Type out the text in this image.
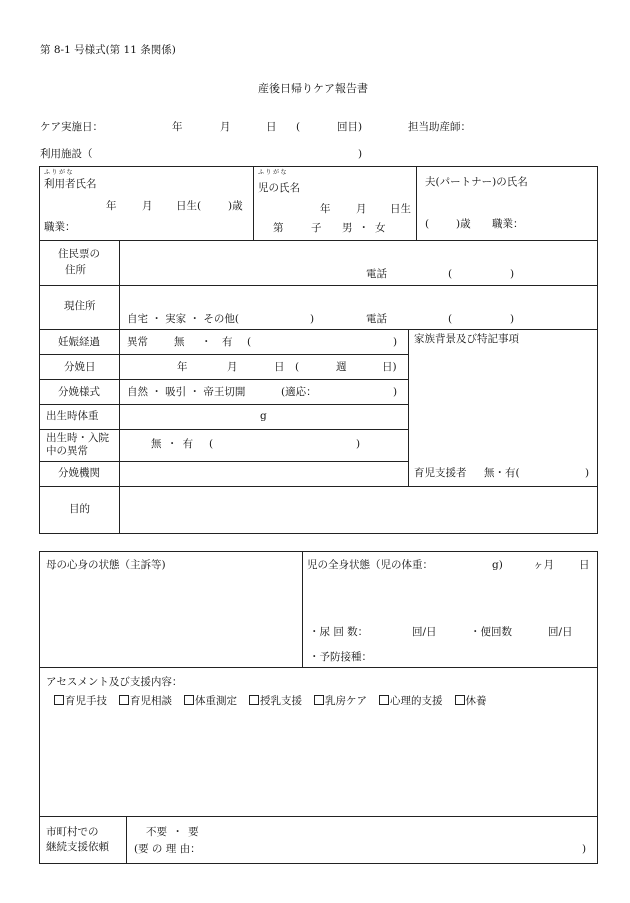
第 8-1 号様式(第 11 条関係)
産後日帰りケア報告書
ケア実施日：	年	月	日 (	回目)	担当助産師：
利用施設（	)
ふりがな
利用者氏名
年 月 日生(	)歳
職業：
ふりがな
児の氏名
年 月 日生
第	子 男・女
夫(パートナー)の氏名
(	)歳 職業：
住民票の
住所	電話	(	)
現住所
自宅 ・ 実家 ・ その他(	)	電話	(	)
家族背景及び特記事項
妊娠経過	異常 無 ・ 有 (	)
分娩日	年	月	日 (	週	日)
分娩様式	自然 ・ 吸引 ・ 帝王切開	(適応：	)
出生時体重	g
出生時・入院
中の異常
無 ・ 有 (	)
分娩機関	育児支援者 無・有(	)
目的
母の心身の状態（主訴等)	児の全身状態（児の体重：	g)	ヶ月 日
・尿 回 数：	回/日	・便回数	回/日
・予防接種：
アセスメント及び支援内容：
育児手技 育児相談 体重測定 授乳支援 乳房ケア 心理的支援 休養
市町村での
継続支援依頼
不要 ・ 要
(要 の 理 由：	)
